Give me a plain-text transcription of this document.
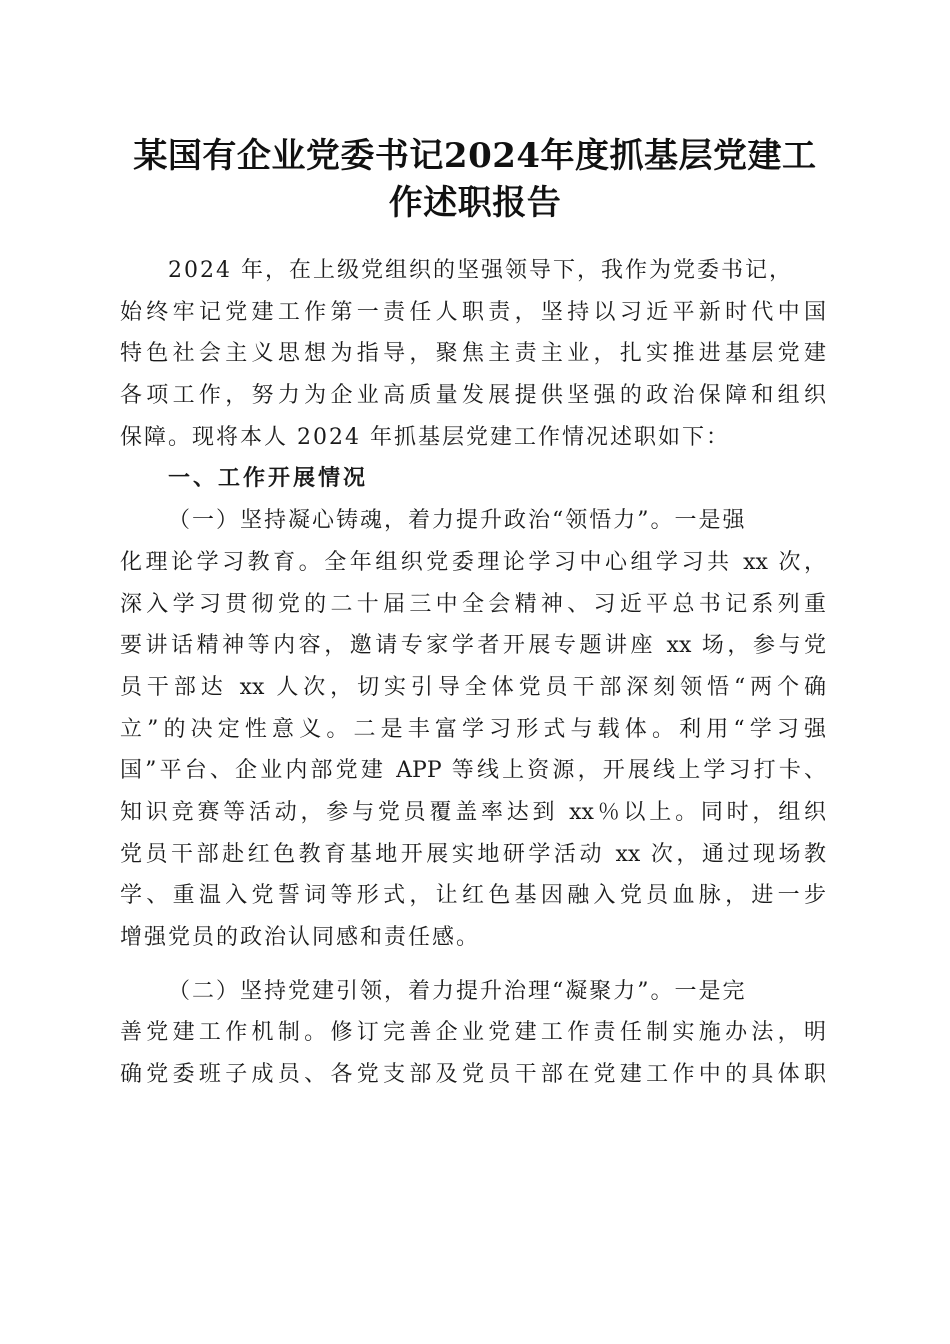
某国有企业党委书记2024年度抓基层党建工
作述职报告
2024 年，在上级党组织的坚强领导下，我作为党委书记，
始终牢记党建工作第一责任人职责，坚持以习近平新时代中国
特色社会主义思想为指导，聚焦主责主业，扎实推进基层党建
各项工作，努力为企业高质量发展提供坚强的政治保障和组织
保障。现将本人 2024 年抓基层党建工作情况述职如下：
一、工作开展情况
（一）坚持凝心铸魂，着力提升政治“领悟力”。一是强
化理论学习教育。全年组织党委理论学习中心组学习共 xx 次，
深入学习贯彻党的二十届三中全会精神、习近平总书记系列重
要讲话精神等内容，邀请专家学者开展专题讲座 xx 场，参与党
员干部达 xx 人次，切实引导全体党员干部深刻领悟“两个确
立”的决定性意义。二是丰富学习形式与载体。利用“学习强
国”平台、企业内部党建 APP 等线上资源，开展线上学习打卡、
知识竞赛等活动，参与党员覆盖率达到 xx％以上。同时，组织
党员干部赴红色教育基地开展实地研学活动 xx 次，通过现场教
学、重温入党誓词等形式，让红色基因融入党员血脉，进一步
增强党员的政治认同感和责任感。
（二）坚持党建引领，着力提升治理“凝聚力”。一是完
善党建工作机制。修订完善企业党建工作责任制实施办法，明
确党委班子成员、各党支部及党员干部在党建工作中的具体职
